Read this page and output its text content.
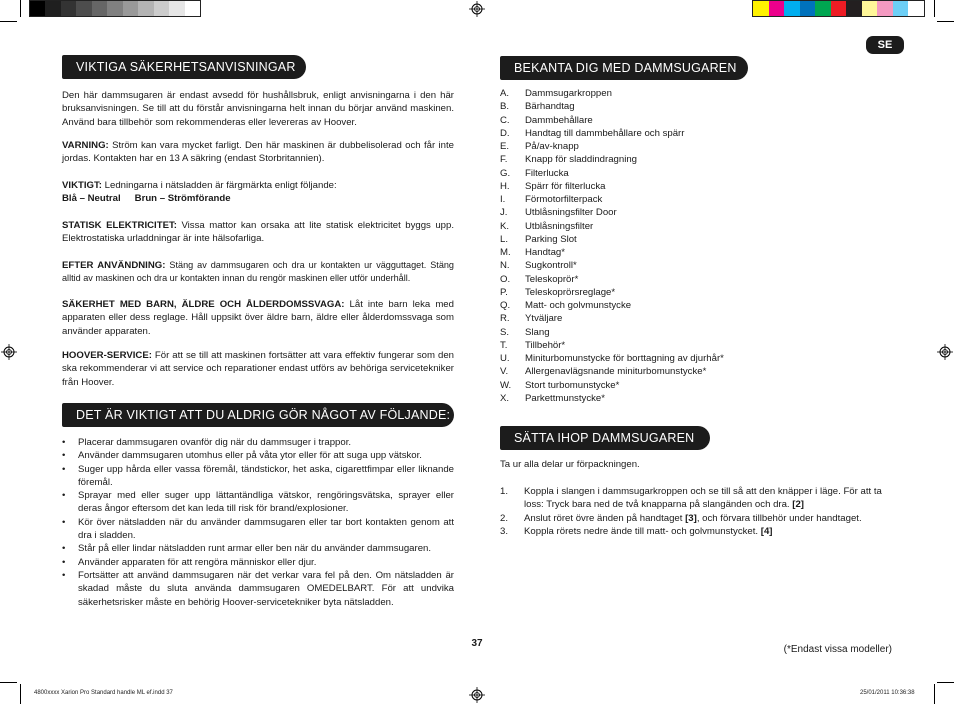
SE
VIKTIGA SÄKERHETSANVISNINGAR
Den här dammsugaren är endast avsedd för hushållsbruk, enligt anvisningarna i den här bruksanvisningen. Se till att du förstår anvisningarna helt innan du börjar använd maskinen. Använd bara tillbehör som rekommenderas eller levereras av Hoover.
VARNING: Ström kan vara mycket farligt. Den här maskinen är dubbelisolerad och får inte jordas. Kontakten har en 13 A säkring (endast Storbritannien).
VIKTIGT: Ledningarna i nätsladden är färgmärkta enligt följande:
Blå – Neutral Brun – Strömförande
STATISK ELEKTRICITET: Vissa mattor kan orsaka att lite statisk elektricitet byggs upp. Elektrostatiska urladdningar är inte hälsofarliga.
EFTER ANVÄNDNING: Stäng av dammsugaren och dra ur kontakten ur vägguttaget. Stäng alltid av maskinen och dra ur kontakten innan du rengör maskinen eller utför underhåll.
SÄKERHET MED BARN, ÄLDRE OCH ÅLDERDOMSSVAGA: Låt inte barn leka med apparaten eller dess reglage. Håll uppsikt över äldre barn, äldre eller ålderdomssvaga som använder apparaten.
HOOVER-SERVICE: För att se till att maskinen fortsätter att vara effektiv fungerar som den ska rekommenderar vi att service och reparationer endast utförs av behöriga servicetekniker från Hoover.
DET ÄR VIKTIGT ATT DU ALDRIG GÖR NÅGOT AV FÖLJANDE:
• Placerar dammsugaren ovanför dig när du dammsuger i trappor.
• Använder dammsugaren utomhus eller på våta ytor eller för att suga upp vätskor.
• Suger upp hårda eller vassa föremål, tändstickor, het aska, cigarettfimpar eller liknande föremål.
• Sprayar med eller suger upp lättantändliga vätskor, rengöringsvätska, sprayer eller deras ångor eftersom det kan leda till risk för brand/explosioner.
• Kör över nätsladden när du använder dammsugaren eller tar bort kontakten genom att dra i sladden.
• Står på eller lindar nätsladden runt armar eller ben när du använder dammsugaren.
• Använder apparaten för att rengöra människor eller djur.
• Fortsätter att använd dammsugaren när det verkar vara fel på den. Om nätsladden är skadad måste du sluta använda dammsugaren OMEDELBART. För att undvika säkerhetsrisker måste en behörig Hoover-servicetekniker byta nätsladden.
BEKANTA DIG MED DAMMSUGAREN
A.	Dammsugarkroppen
B.	Bärhandtag
C.	Dammbehållare
D.	Handtag till dammbehållare och spärr
E.	På/av-knapp
F.	Knapp för sladdindragning
G.	Filterlucka
H.	Spärr för filterlucka
I.	Förmotorfilterpack
J.	Utblåsningsfilter Door
K.	Utblåsningsfilter
L.	Parking Slot
M.	Handtag*
N.	Sugkontroll*
O.	Teleskoprör*
P.	Teleskoprörsreglage*
Q.	Matt- och golvmunstycke
R.	Ytväljare
S.	Slang
T.	Tillbehör*
U.	Miniturbomunstycke för borttagning av djurhår*
V.	Allergenavlägsnande miniturbomunstycke*
W.	Stort turbomunstycke*
X.	Parkettmunstycke*
SÄTTA IHOP DAMMSUGAREN
Ta ur alla delar ur förpackningen.
1.	Koppla i slangen i dammsugarkroppen och se till så att den knäpper i läge. För att ta loss: Tryck bara ned de två knapparna på slangänden och dra. [2]
2.	Anslut röret övre änden på handtaget [3], och förvara tillbehör under handtaget.
3.	Koppla rörets nedre ände till matt- och golvmunstycket. [4]
(*Endast vissa modeller)
37
4800xxxx Xarion Pro Standard handle ML ef.indd 37	25/01/2011 10:36:38
